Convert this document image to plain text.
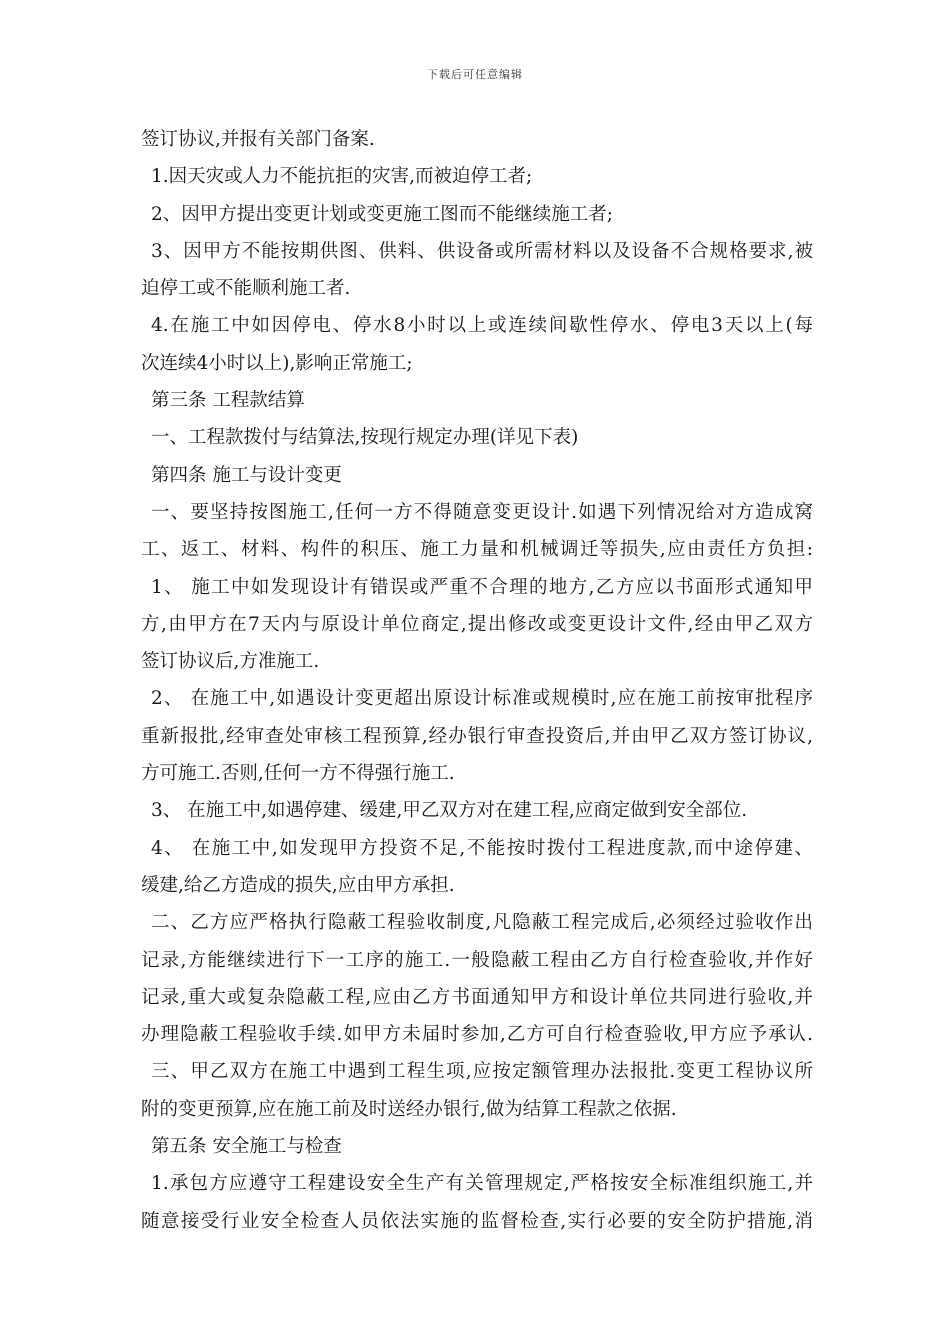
下载后可任意编辑
签订协议,并报有关部门备案.
1.因天灾或人力不能抗拒的灾害,而被迫停工者;
2、因甲方提出变更计划或变更施工图而不能继续施工者;
3、因甲方不能按期供图、供料、供设备或所需材料以及设备不合规格要求,被
迫停工或不能顺利施工者.
4.在施工中如因停电、停水8小时以上或连续间歇性停水、停电3天以上(每
次连续4小时以上),影响正常施工;
第三条 工程款结算
一、工程款拨付与结算法,按现行规定办理(详见下表)
第四条 施工与设计变更
一、要坚持按图施工,任何一方不得随意变更设计.如遇下列情况给对方造成窝
工、返工、材料、构件的积压、施工力量和机械调迁等损失,应由责任方负担:
1、 施工中如发现设计有错误或严重不合理的地方,乙方应以书面形式通知甲
方,由甲方在7天内与原设计单位商定,提出修改或变更设计文件,经由甲乙双方
签订协议后,方准施工.
2、 在施工中,如遇设计变更超出原设计标准或规模时,应在施工前按审批程序
重新报批,经审查处审核工程预算,经办银行审查投资后,并由甲乙双方签订协议,
方可施工.否则,任何一方不得强行施工.
3、 在施工中,如遇停建、缓建,甲乙双方对在建工程,应商定做到安全部位.
4、 在施工中,如发现甲方投资不足,不能按时拨付工程进度款,而中途停建、
缓建,给乙方造成的损失,应由甲方承担.
二、乙方应严格执行隐蔽工程验收制度,凡隐蔽工程完成后,必须经过验收作出
记录,方能继续进行下一工序的施工.一般隐蔽工程由乙方自行检查验收,并作好
记录,重大或复杂隐蔽工程,应由乙方书面通知甲方和设计单位共同进行验收,并
办理隐蔽工程验收手续.如甲方未届时参加,乙方可自行检查验收,甲方应予承认.
三、甲乙双方在施工中遇到工程生项,应按定额管理办法报批.变更工程协议所
附的变更预算,应在施工前及时送经办银行,做为结算工程款之依据.
第五条 安全施工与检查
1.承包方应遵守工程建设安全生产有关管理规定,严格按安全标准组织施工,并
随意接受行业安全检查人员依法实施的监督检查,实行必要的安全防护措施,消
